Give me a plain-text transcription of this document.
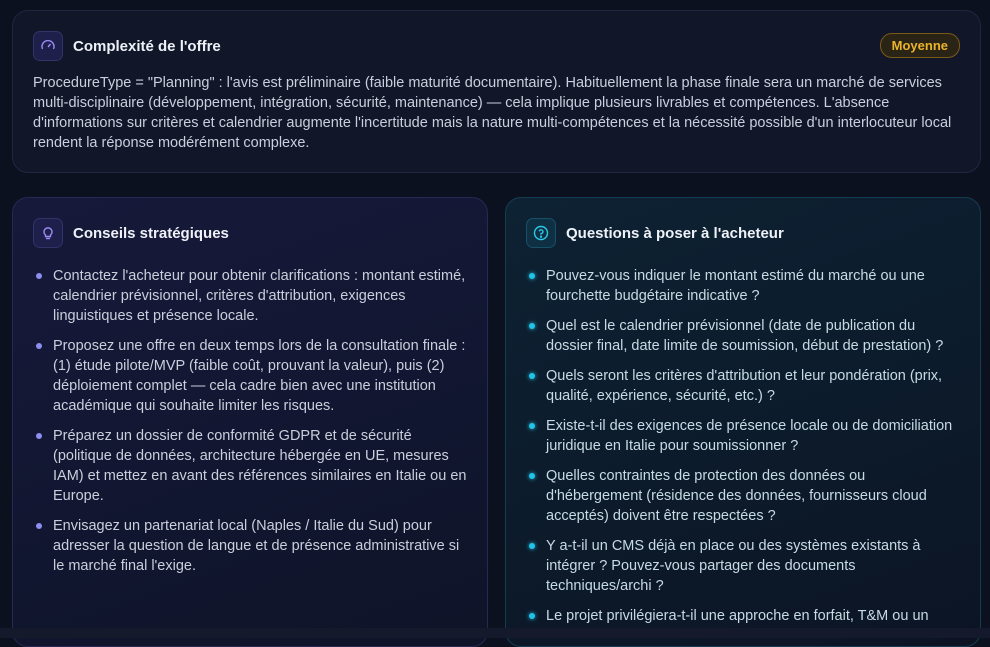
Complexité de l'offre	Moyenne

ProcedureType = "Planning" : l'avis est préliminaire (faible maturité documentaire). Habituellement la phase finale sera un marché de services multi-disciplinaire (développement, intégration, sécurité, maintenance) — cela implique plusieurs livrables et compétences. L'absence d'informations sur critères et calendrier augmente l'incertitude mais la nature multi-compétences et la nécessité possible d'un interlocuteur local rendent la réponse modérément complexe.

Conseils stratégiques
Contactez l'acheteur pour obtenir clarifications : montant estimé, calendrier prévisionnel, critères d'attribution, exigences linguistiques et présence locale.
Proposez une offre en deux temps lors de la consultation finale : (1) étude pilote/MVP (faible coût, prouvant la valeur), puis (2) déploiement complet — cela cadre bien avec une institution académique qui souhaite limiter les risques.
Préparez un dossier de conformité GDPR et de sécurité (politique de données, architecture hébergée en UE, mesures IAM) et mettez en avant des références similaires en Italie ou en Europe.
Envisagez un partenariat local (Naples / Italie du Sud) pour adresser la question de langue et de présence administrative si le marché final l'exige.
Questions à poser à l'acheteur
Pouvez-vous indiquer le montant estimé du marché ou une fourchette budgétaire indicative ?
Quel est le calendrier prévisionnel (date de publication du dossier final, date limite de soumission, début de prestation) ?
Quels seront les critères d'attribution et leur pondération (prix, qualité, expérience, sécurité, etc.) ?
Existe-t-il des exigences de présence locale ou de domiciliation juridique en Italie pour soumissionner ?
Quelles contraintes de protection des données ou d'hébergement (résidence des données, fournisseurs cloud acceptés) doivent être respectées ?
Y a-t-il un CMS déjà en place ou des systèmes existants à intégrer ? Pouvez-vous partager des documents techniques/archi ?
Le projet privilégiera-t-il une approche en forfait, T&M ou un
